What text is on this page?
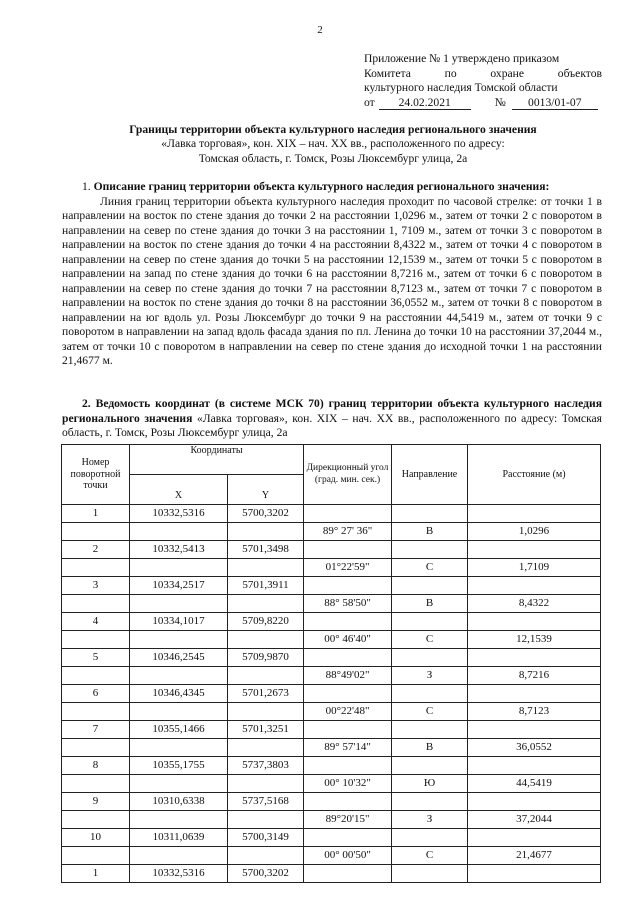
2
Приложение № 1 утверждено приказом
Комитета	по	охране	объектов
культурного наследия Томской области
от	24.02.2021	№	0013/01-07
Границы территории объекта культурного наследия регионального значения
«Лавка торговая», кон. XIX – нач. XX вв., расположенного по адресу:
Томская область, г. Томск, Розы Люксембург улица, 2а
1. Описание границ территории объекта культурного наследия регионального значения:

Линия границ территории объекта культурного наследия проходит по часовой стрелке: от точки 1 в направлении на восток по стене здания до точки 2 на расстоянии 1,0296 м., затем от точки 2 с поворотом в направлении на север по стене здания до точки 3 на расстоянии 1, 7109 м., затем от точки 3 с поворотом в направлении на восток по стене здания до точки 4 на расстоянии 8,4322 м., затем от точки 4 с поворотом в направлении на север по стене здания до точки 5 на расстоянии 12,1539 м., затем от точки 5 с поворотом в направлении на запад по стене здания до точки 6 на расстоянии 8,7216 м., затем от точки 6 с поворотом в направлении на север по стене здания до точки 7 на расстоянии 8,7123 м., затем от точки 7 с поворотом в направлении на восток по стене здания до точки 8 на расстоянии 36,0552 м., затем от точки 8 с поворотом в направлении на юг вдоль ул. Розы Люксембург до точки 9 на расстоянии 44,5419 м., затем от точки 9 с поворотом в направлении на запад вдоль фасада здания по пл. Ленина до точки 10 на расстоянии 37,2044 м., затем от точки 10 с поворотом в направлении на север по стене здания до исходной точки 1 на расстоянии 21,4677 м.

2. Ведомость координат (в системе МСК 70) границ территории объекта культурного наследия регионального значения «Лавка торговая», кон. XIX – нач. XX вв., расположенного по адресу: Томская область, г. Томск, Розы Люксембург улица, 2а
Номер поворотной точки	Координаты		Дирекционный угол (град. мин. сек.)	Направление	Расстояние (м)
	X	Y			
1	10332,5316	5700,3202			
			89° 27' 36"	В	1,0296
2	10332,5413	5701,3498			
			01°22'59"	С	1,7109
3	10334,2517	5701,3911			
			88° 58'50"	В	8,4322
4	10334,1017	5709,8220			
			00° 46'40"	С	12,1539
5	10346,2545	5709,9870			
			88°49'02"	З	8,7216
6	10346,4345	5701,2673			
			00°22'48"	С	8,7123
7	10355,1466	5701,3251			
			89° 57'14"	В	36,0552
8	10355,1755	5737,3803			
			00° 10'32"	Ю	44,5419
9	10310,6338	5737,5168			
			89°20'15"	З	37,2044
10	10311,0639	5700,3149			
			00° 00'50"	С	21,4677
1	10332,5316	5700,3202			
